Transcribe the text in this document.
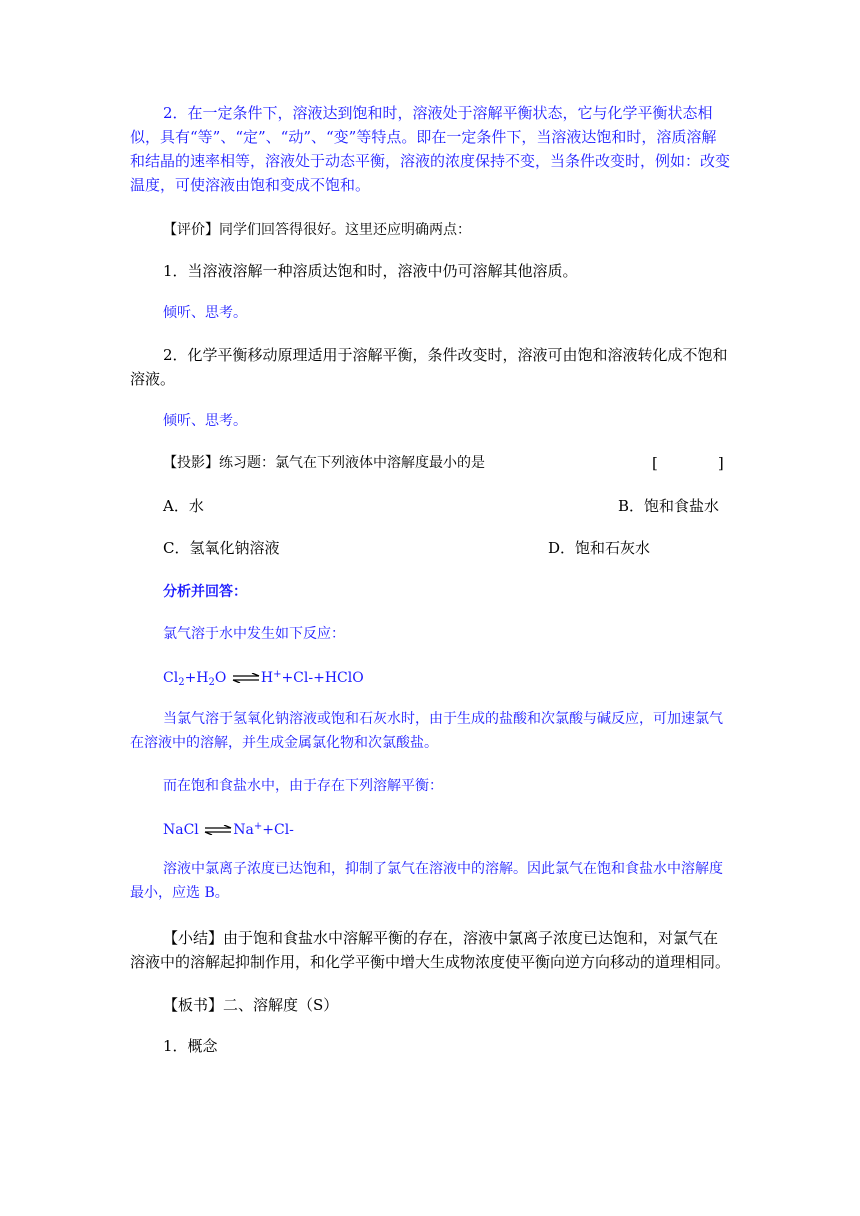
2．在一定条件下，溶液达到饱和时，溶液处于溶解平衡状态，它与化学平衡状态相似，具有“等”、“定”、“动”、“变”等特点。即在一定条件下，当溶液达饱和时，溶质溶解和结晶的速率相等，溶液处于动态平衡，溶液的浓度保持不变，当条件改变时，例如：改变温度，可使溶液由饱和变成不饱和。

【评价】同学们回答得很好。这里还应明确两点：

1．当溶液溶解一种溶质达饱和时，溶液中仍可溶解其他溶质。

倾听、思考。

2．化学平衡移动原理适用于溶解平衡，条件改变时，溶液可由饱和溶液转化成不饱和溶液。

倾听、思考。

【投影】练习题：氯气在下列液体中溶解度最小的是	[　　　　]
A．水	B．饱和食盐水
C．氢氧化钠溶液	D．饱和石灰水

分析并回答：

氯气溶于水中发生如下反应：

$Cl_2+H_2O$ ⇌H++Cl-+HClO

当氯气溶于氢氧化钠溶液或饱和石灰水时，由于生成的盐酸和次氯酸与碱反应，可加速氯气在溶液中的溶解，并生成金属氯化物和次氯酸盐。

而在饱和食盐水中，由于存在下列溶解平衡：

NaCl ⇌Na++Cl-

溶液中氯离子浓度已达饱和，抑制了氯气在溶液中的溶解。因此氯气在饱和食盐水中溶解度最小，应选 B。

【小结】由于饱和食盐水中溶解平衡的存在，溶液中氯离子浓度已达饱和，对氯气在溶液中的溶解起抑制作用，和化学平衡中增大生成物浓度使平衡向逆方向移动的道理相同。

【板书】二、溶解度（S）

1．概念
